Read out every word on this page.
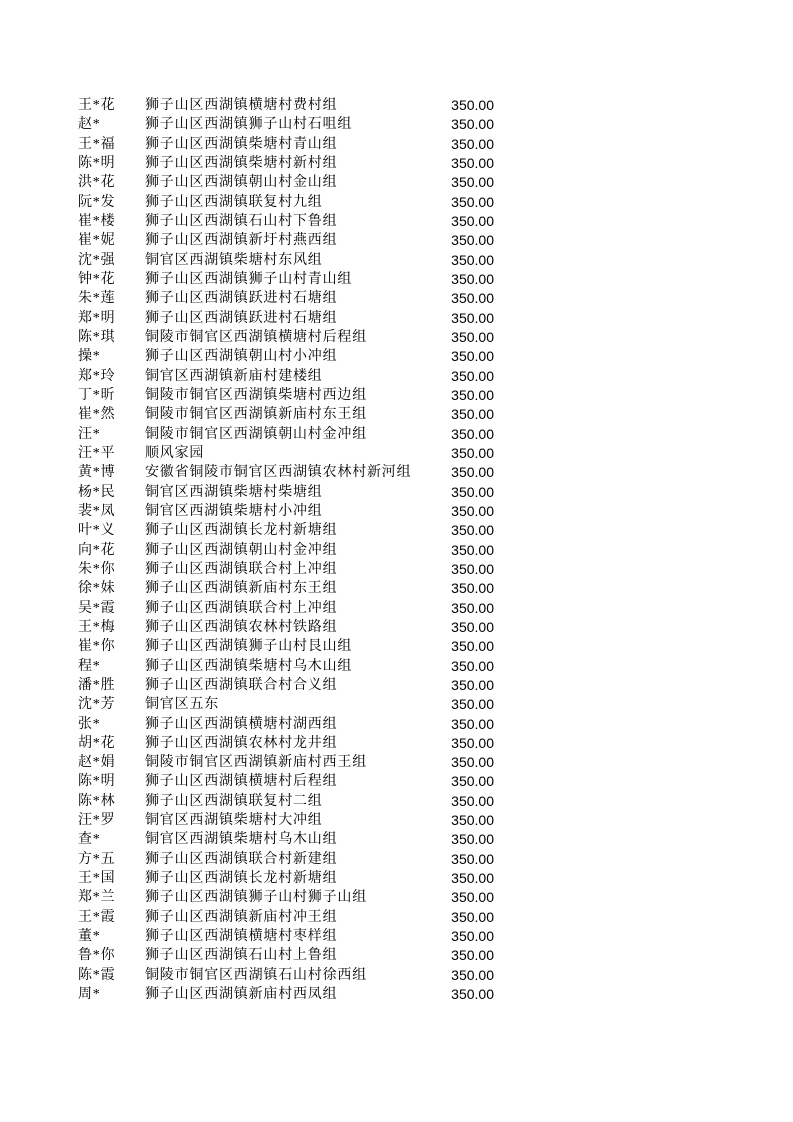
王*花	狮子山区西湖镇横塘村费村组	350.00
赵*	狮子山区西湖镇狮子山村石咀组	350.00
王*福	狮子山区西湖镇柴塘村青山组	350.00
陈*明	狮子山区西湖镇柴塘村新村组	350.00
洪*花	狮子山区西湖镇朝山村金山组	350.00
阮*发	狮子山区西湖镇联复村九组	350.00
崔*楼	狮子山区西湖镇石山村下鲁组	350.00
崔*妮	狮子山区西湖镇新圩村燕西组	350.00
沈*强	铜官区西湖镇柴塘村东风组	350.00
钟*花	狮子山区西湖镇狮子山村青山组	350.00
朱*莲	狮子山区西湖镇跃进村石塘组	350.00
郑*明	狮子山区西湖镇跃进村石塘组	350.00
陈*琪	铜陵市铜官区西湖镇横塘村后程组	350.00
操*	狮子山区西湖镇朝山村小冲组	350.00
郑*玲	铜官区西湖镇新庙村建楼组	350.00
丁*昕	铜陵市铜官区西湖镇柴塘村西边组	350.00
崔*然	铜陵市铜官区西湖镇新庙村东王组	350.00
汪*	铜陵市铜官区西湖镇朝山村金冲组	350.00
汪*平	顺风家园	350.00
黄*博	安徽省铜陵市铜官区西湖镇农林村新河组	350.00
杨*民	铜官区西湖镇柴塘村柴塘组	350.00
裴*凤	铜官区西湖镇柴塘村小冲组	350.00
叶*义	狮子山区西湖镇长龙村新塘组	350.00
向*花	狮子山区西湖镇朝山村金冲组	350.00
朱*你	狮子山区西湖镇联合村上冲组	350.00
徐*妹	狮子山区西湖镇新庙村东王组	350.00
吴*霞	狮子山区西湖镇联合村上冲组	350.00
王*梅	狮子山区西湖镇农林村铁路组	350.00
崔*你	狮子山区西湖镇狮子山村艮山组	350.00
程*	狮子山区西湖镇柴塘村乌木山组	350.00
潘*胜	狮子山区西湖镇联合村合义组	350.00
沈*芳	铜官区五东	350.00
张*	狮子山区西湖镇横塘村湖西组	350.00
胡*花	狮子山区西湖镇农林村龙井组	350.00
赵*娟	铜陵市铜官区西湖镇新庙村西王组	350.00
陈*明	狮子山区西湖镇横塘村后程组	350.00
陈*林	狮子山区西湖镇联复村二组	350.00
汪*罗	铜官区西湖镇柴塘村大冲组	350.00
查*	铜官区西湖镇柴塘村乌木山组	350.00
方*五	狮子山区西湖镇联合村新建组	350.00
王*国	狮子山区西湖镇长龙村新塘组	350.00
郑*兰	狮子山区西湖镇狮子山村狮子山组	350.00
王*霞	狮子山区西湖镇新庙村冲王组	350.00
董*	狮子山区西湖镇横塘村枣样组	350.00
鲁*你	狮子山区西湖镇石山村上鲁组	350.00
陈*霞	铜陵市铜官区西湖镇石山村徐西组	350.00
周*	狮子山区西湖镇新庙村西凤组	350.00
